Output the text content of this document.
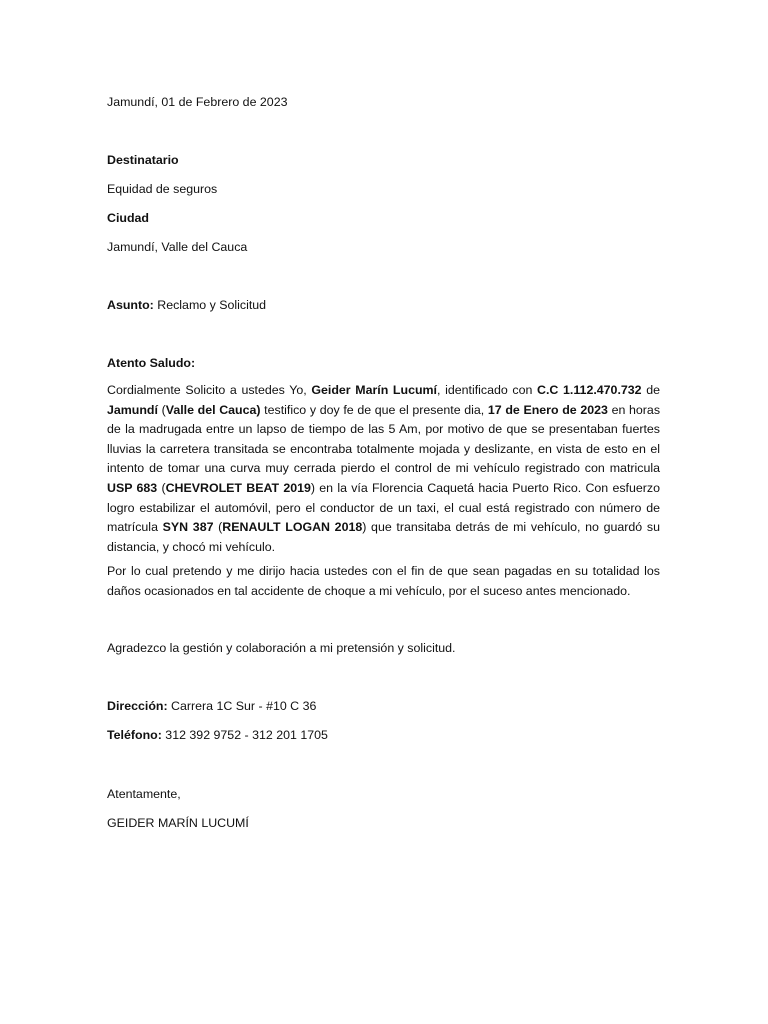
Jamundí, 01 de Febrero de 2023
Destinatario
Equidad de seguros
Ciudad
Jamundí, Valle del Cauca
Asunto: Reclamo y Solicitud
Atento Saludo:
Cordialmente Solicito a ustedes Yo, Geider Marín Lucumí, identificado con C.C 1.112.470.732 de Jamundí (Valle del Cauca) testifico y doy fe de que el presente dia, 17 de Enero de 2023 en horas de la madrugada entre un lapso de tiempo de las 5 Am, por motivo de que se presentaban fuertes lluvias la carretera transitada se encontraba totalmente mojada y deslizante, en vista de esto en el intento de tomar una curva muy cerrada pierdo el control de mi vehículo registrado con matricula USP 683 (CHEVROLET BEAT 2019) en la vía Florencia Caquetá hacia Puerto Rico. Con esfuerzo logro estabilizar el automóvil, pero el conductor de un taxi, el cual está registrado con número de matrícula SYN 387 (RENAULT LOGAN 2018) que transitaba detrás de mi vehículo, no guardó su distancia, y chocó mi vehículo.
Por lo cual pretendo y me dirijo hacia ustedes con el fin de que sean pagadas en su totalidad los daños ocasionados en tal accidente de choque a mi vehículo, por el suceso antes mencionado.
Agradezco la gestión y colaboración a mi pretensión y solicitud.
Dirección: Carrera 1C Sur - #10 C 36
Teléfono: 312 392 9752 - 312 201 1705
Atentamente,
GEIDER MARÍN LUCUMÍ
